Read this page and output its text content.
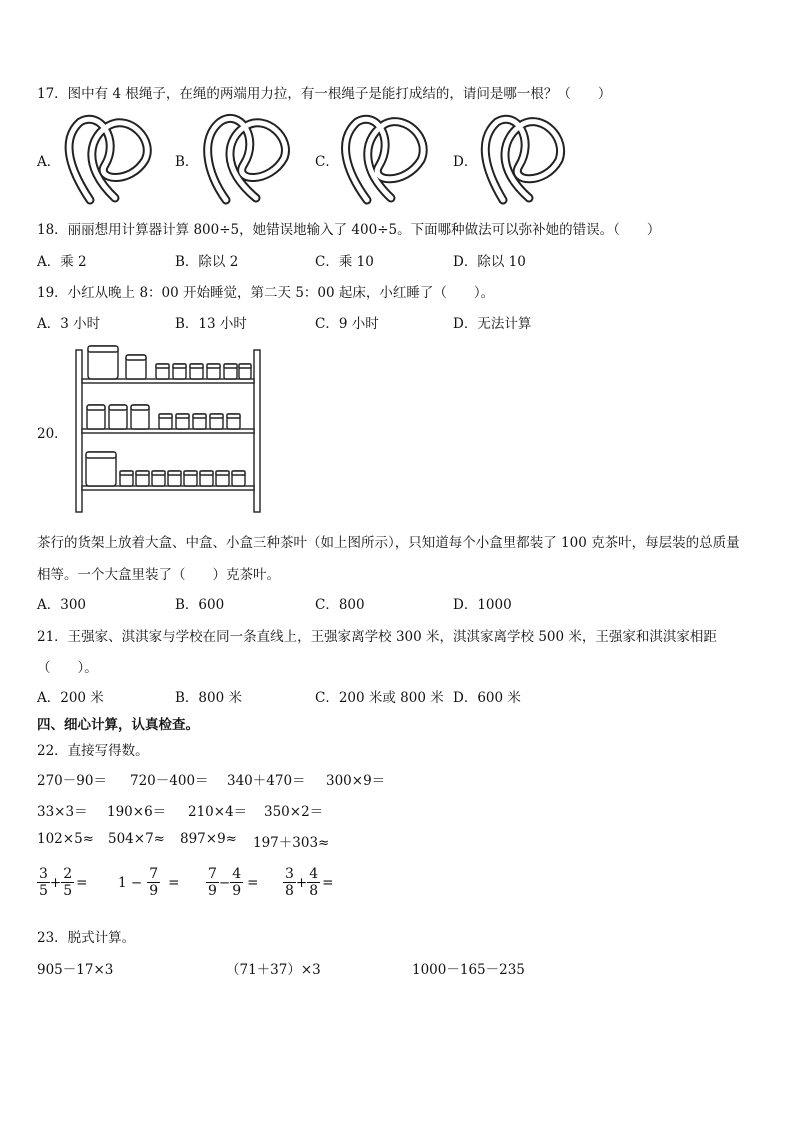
17．图中有 4 根绳子，在绳的两端用力拉，有一根绳子是能打成结的，请问是哪一根？（　　）
A．	B．	C．	D．
18．丽丽想用计算器计算 800÷5，她错误地输入了 400÷5。下面哪种做法可以弥补她的错误。（　　）
A．乘 2	B．除以 2	C．乘 10	D．除以 10
19．小红从晚上 8：00 开始睡觉，第二天 5：00 起床，小红睡了（　　）。
A．3 小时	B．13 小时	C．9 小时	D．无法计算
20．
茶行的货架上放着大盒、中盒、小盒三种茶叶（如上图所示），只知道每个小盒里都装了 100 克茶叶，每层装的总质量
相等。一个大盒里装了（　　）克茶叶。
A．300	B．600	C．800	D．1000
21．王强家、淇淇家与学校在同一条直线上，王强家离学校 300 米，淇淇家离学校 500 米，王强家和淇淇家相距
（　　）。
A．200 米	B．800 米	C．200 米或 800 米 D．600 米
四、细心计算，认真检查。
22．直接写得数。
270－90＝ 720－400＝ 340＋470＝ 300×9＝
33×3＝ 190×6＝ 210×4＝ 350×2＝
102×5≈ 504×7≈ 897×9≈ 197＋303≈
$\frac{3}{5} + \frac{2}{5} = 1 - \frac{7}{9} = \frac{7}{9} - \frac{4}{9} = \frac{3}{8} + \frac{4}{8}$ =
23．脱式计算。
905－17×3	（71＋37）×3	1000－165－235
